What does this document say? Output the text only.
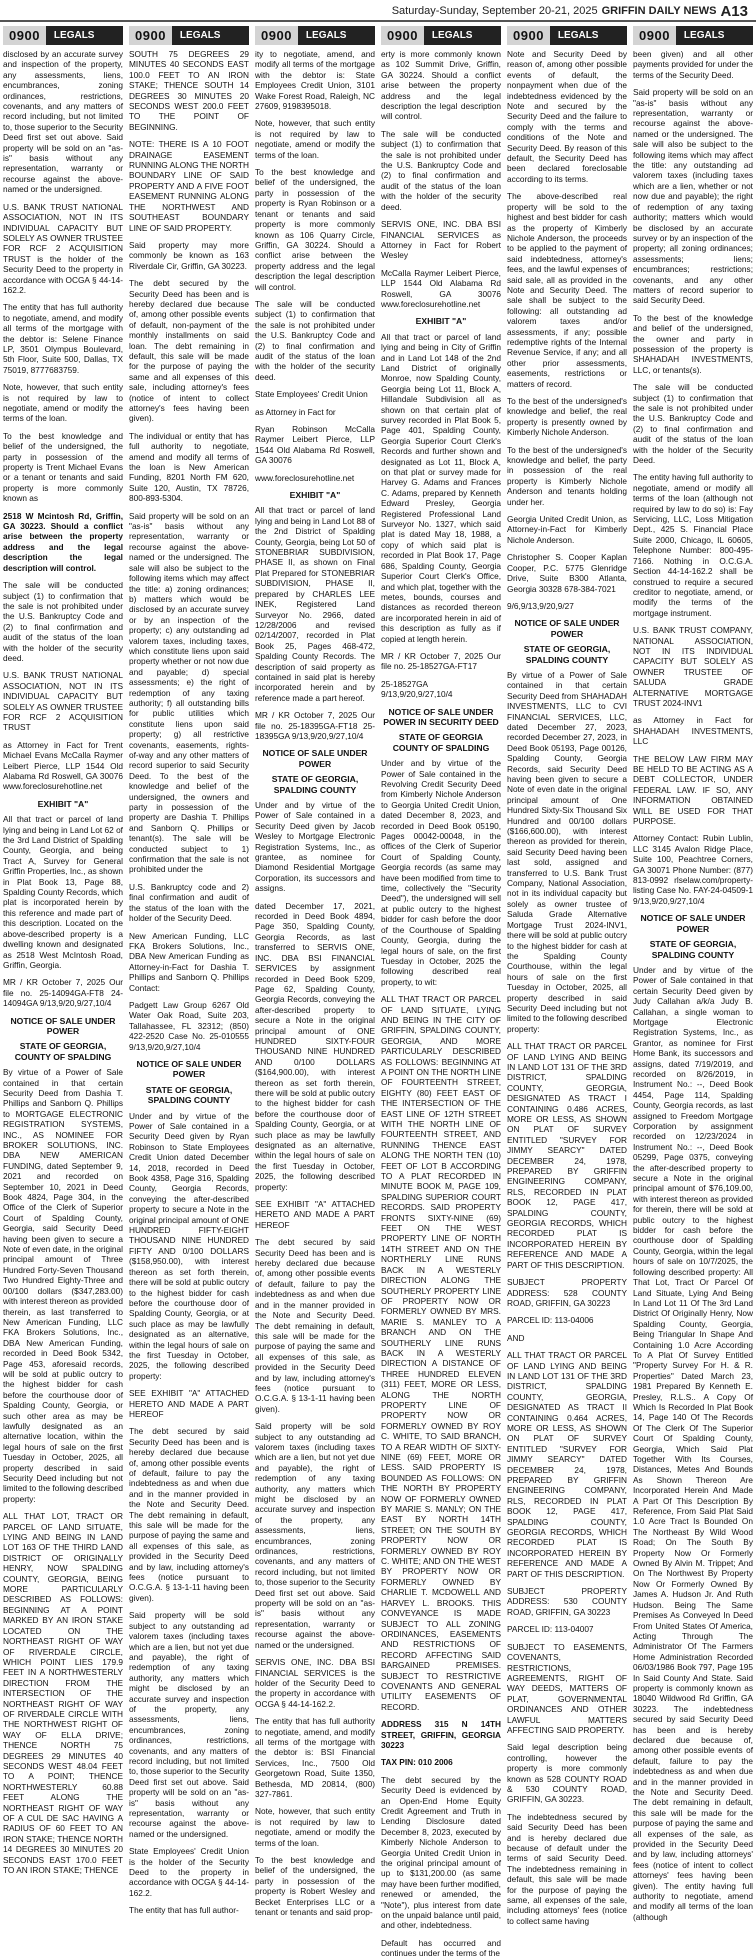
Saturday-Sunday, September 20-21, 2025 GRIFFIN DAILY NEWS A13
0900	LEGALS

disclosed by an accurate survey and inspection of the property, any assessments, liens, encumbrances, zoning ordinances, restrictions, covenants, and any matters of record including, but not limited to, those superior to the Security Deed first set out above. Said property will be sold on an "as-is" basis without any representation, warranty or recourse against the above-named or the undersigned.

U.S. BANK TRUST NATIONAL ASSOCIATION, NOT IN ITS INDIVIDUAL CAPACITY BUT SOLELY AS OWNER TRUSTEE FOR RCF 2 ACQUISITION TRUST is the holder of the Security Deed to the property in accordance with OCGA § 44-14-162.2.

The entity that has full authority to negotiate, amend, and modify all terms of the mortgage with the debtor is: Selene Finance LP, 3501 Olympus Boulevard, 5th Floor, Suite 500, Dallas, TX 75019, 8777683759.

Note, however, that such entity is not required by law to negotiate, amend or modify the terms of the loan.

To the best knowledge and belief of the undersigned, the party in possession of the property is Trent Michael Evans or a tenant or tenants and said property is more commonly known as

2518 W Mcintosh Rd, Griffin, GA 30223. Should a conflict arise between the property address and the legal description the legal description will control.

The sale will be conducted subject (1) to confirmation that the sale is not prohibited under the U.S. Bankruptcy Code and (2) to final confirmation and audit of the status of the loan with the holder of the security deed.

U.S. BANK TRUST NATIONAL ASSOCIATION, NOT IN ITS INDIVIDUAL CAPACITY BUT SOLELY AS OWNER TRUSTEE FOR RCF 2 ACQUISITION TRUST

as Attorney in Fact for Trent Michael Evans McCalla Raymer Leibert Pierce, LLP 1544 Old Alabama Rd Roswell, GA 30076 www.foreclosurehotline.net

EXHIBIT "A"

All that tract or parcel of land lying and being in Land Lot 62 of the 3rd Land District of Spalding County, Georgia, and being Tract A, Survey for General Griffin Properties, Inc., as shown in Plat Book 13, Page 88, Spalding County Records, which plat is incorporated herein by this reference and made part of this description. Located on the above-described property is a dwelling known and designated as 2518 West McIntosh Road, Griffin, Georgia.

MR / KR October 7, 2025 Our file no. 25-14094GA-FT8 24-14094GA 9/13,9/20,9/27,10/4

NOTICE OF SALE UNDER POWER
STATE OF GEORGIA, COUNTY OF SPALDING

By virtue of a Power of Sale contained in that certain Security Deed from Dashia T. Phillips and Sanborn Q. Phillips to MORTGAGE ELECTRONIC REGISTRATION SYSTEMS, INC., AS NOMINEE FOR BROKER SOLUTIONS, INC. DBA NEW AMERICAN FUNDING, dated September 9, 2021 and recorded on September 10, 2021 in Deed Book 4824, Page 304, in the Office of the Clerk of Superior Court of Spalding County, Georgia, said Security Deed having been given to secure a Note of even date, in the original principal amount of Three Hundred Forty-Seven Thousand Two Hundred Eighty-Three and 00/100 dollars ($347,283.00) with interest thereon as provided therein, as last transferred to New American Funding, LLC FKA Brokers Solutions, Inc., DBA New American Funding, recorded in Deed Book 5342, Page 453, aforesaid records, will be sold at public outcry to the highest bidder for cash before the courthouse door of Spalding County, Georgia, or such other area as may be lawfully designated as an alternative location, within the legal hours of sale on the first Tuesday in October, 2025, all property described in said Security Deed including but not limited to the following described property:

ALL THAT LOT, TRACT OR PARCEL OF LAND SITUATE, LYING AND BEING IN LAND LOT 163 OF THE THIRD LAND DISTRICT OF ORIGINALLY HENRY, NOW SPALDING COUNTY, GEORGIA, BEING MORE PARTICULARLY DESCRIBED AS FOLLOWS: BEGINNING AT A POINT MARKED BY AN IRON STAKE LOCATED ON THE NORTHEAST RIGHT OF WAY OF RIVERDALE CIRCLE, WHICH POINT LIES 179.9 FEET IN A NORTHWESTERLY DIRECTION FROM THE INTERSECTION OF THE NORTHEAST RIGHT OF WAY OF RIVERDALE CIRCLE WITH THE NORTHWEST RIGHT OF WAY OF ELLA DRIVE; THENCE NORTH 75 DEGREES 29 MINUTES 40 SECONDS WEST 48.04 FEET TO A POINT; THENCE NORTHWESTERLY 60.88 FEET ALONG THE NORTHEAST RIGHT OF WAY OF A CUL DE SAC HAVING A RADIUS OF 60 FEET TO AN IRON STAKE; THENCE NORTH 14 DEGREES 30 MINUTES 20 SECONDS EAST 170.0 FEET TO AN IRON STAKE; THENCE

0900	LEGALS

SOUTH 75 DEGREES 29 MINUTES 40 SECONDS EAST 100.0 FEET TO AN IRON STAKE; THENCE SOUTH 14 DEGREES 30 MINUTES 20 SECONDS WEST 200.0 FEET TO THE POINT OF BEGINNING.

NOTE: THERE IS A 10 FOOT DRAINAGE EASEMENT RUNNING ALONG THE NORTH BOUNDARY LINE OF SAID PROPERTY AND A FIVE FOOT EASEMENT RUNNING ALONG THE NORTHWEST AND SOUTHEAST BOUNDARY LINE OF SAID PROPERTY.

Said property may more commonly be known as 163 Riverdale Cir, Griffin, GA 30223.

The debt secured by the Security Deed has been and is hereby declared due because of, among other possible events of default, non-payment of the monthly installments on said loan. The debt remaining in default, this sale will be made for the purpose of paying the same and all expenses of this sale, including attorney's fees (notice of intent to collect attorney's fees having been given).

The individual or entity that has full authority to negotiate, amend and modify all terms of the loan is New American Funding, 8201 North FM 620, Suite 120, Austin, TX 78726, 800-893-5304.

Said property will be sold on an "as-is" basis without any representation, warranty or recourse against the above-named or the undersigned. The sale will also be subject to the following items which may affect the title: a) zoning ordinances; b) matters which would be disclosed by an accurate survey or by an inspection of the property; c) any outstanding ad valorem taxes, including taxes, which constitute liens upon said property whether or not now due and payable; d) special assessments; e) the right of redemption of any taxing authority; f) all outstanding bills for public utilities which constitute liens upon said property; g) all restrictive covenants, easements, rights-of-way and any other matters of record superior to said Security Deed. To the best of the knowledge and belief of the undersigned, the owners and party in possession of the property are Dashia T. Phillips and Sanborn Q. Phillips or tenant(s). The sale will be conducted subject to 1) confirmation that the sale is not prohibited under the

U.S. Bankruptcy code and 2) final confirmation and audit of the status of the loan with the holder of the Security Deed.

New American Funding, LLC FKA Brokers Solutions, Inc., DBA New American Funding as Attorney-in-Fact for Dashia T. Phillips and Sanborn Q. Phillips Contact:

Padgett Law Group 6267 Old Water Oak Road, Suite 203, Tallahassee, FL 32312; (850) 422-2520 Case No. 25-010555 9/13,9/20,9/27,10/4

NOTICE OF SALE UNDER POWER
STATE OF GEORGIA, SPALDING COUNTY

Under and by virtue of the Power of Sale contained in a Security Deed given by Ryan Robinson to State Employees Credit Union dated December 14, 2018, recorded in Deed Book 4358, Page 316, Spalding County, Georgia Records, conveying the after-described property to secure a Note in the original principal amount of ONE HUNDRED FIFTY-EIGHT THOUSAND NINE HUNDRED FIFTY AND 0/100 DOLLARS ($158,950.00), with interest thereon as set forth therein, there will be sold at public outcry to the highest bidder for cash before the courthouse door of Spalding County, Georgia, or at such place as may be lawfully designated as an alternative, within the legal hours of sale on the first Tuesday in October, 2025, the following described property:

SEE EXHIBIT "A" ATTACHED HERETO AND MADE A PART HEREOF

The debt secured by said Security Deed has been and is hereby declared due because of, among other possible events of default, failure to pay the indebtedness as and when due and in the manner provided in the Note and Security Deed. The debt remaining in default, this sale will be made for the purpose of paying the same and all expenses of this sale, as provided in the Security Deed and by law, including attorney's fees (notice pursuant to O.C.G.A. § 13-1-11 having been given).

Said property will be sold subject to any outstanding ad valorem taxes (including taxes which are a lien, but not yet due and payable), the right of redemption of any taxing authority, any matters which might be disclosed by an accurate survey and inspection of the property, any assessments, liens, encumbrances, zoning ordinances, restrictions, covenants, and any matters of record including, but not limited to, those superior to the Security Deed first set out above. Said property will be sold on an "as-is" basis without any representation, warranty or recourse against the above-named or the undersigned.

State Employees' Credit Union is the holder of the Security Deed to the property in accordance with OCGA § 44-14-162.2.

The entity that has full author-

0900	LEGALS

ity to negotiate, amend, and modify all terms of the mortgage with the debtor is: State Employees Credit Union, 3101 Wake Forest Road, Raleigh, NC 27609, 9198395018.

Note, however, that such entity is not required by law to negotiate, amend or modify the terms of the loan.

To the best knowledge and belief of the undersigned, the party in possession of the property is Ryan Robinson or a tenant or tenants and said property is more commonly known as 106 Quarry Circle, Griffin, GA 30224. Should a conflict arise between the property address and the legal description the legal description will control.

The sale will be conducted subject (1) to confirmation that the sale is not prohibited under the U.S. Bankruptcy Code and (2) to final confirmation and audit of the status of the loan with the holder of the security deed.

State Employees' Credit Union

as Attorney in Fact for

Ryan Robinson McCalla Raymer Leibert Pierce, LLP 1544 Old Alabama Rd Roswell, GA 30076

www.foreclosurehotline.net

EXHIBIT "A"

All that tract or parcel of land lying and being in Land Lot 88 of the 2nd District of Spalding County, Georgia, being Lot 50 of STONEBRIAR SUBDIVISION, PHASE II, as shown on Final Plat Prepared for STONEBRIAR SUBDIVISION, PHASE II, prepared by CHARLES LEE INEK, Registered Land Surveyor No. 2966, dated 12/28/2006 and revised 02/14/2007, recorded in Plat Book 25, Pages 468-472, Spalding County Records. The description of said property as contained in said plat is hereby incorporated herein and by reference made a part hereof.

MR / KR October 7, 2025 Our file no. 25-18395GA-FT18 25-18395GA 9/13,9/20,9/27,10/4

NOTICE OF SALE UNDER POWER
STATE OF GEORGIA, SPALDING COUNTY

Under and by virtue of the Power of Sale contained in a Security Deed given by Jacob Wesley to Mortgage Electronic Registration Systems, Inc., as grantee, as nominee for Diamond Residential Mortgage Corporation, its successors and assigns.

dated December 17, 2021, recorded in Deed Book 4894, Page 350, Spalding County, Georgia Records, as last transferred to SERVIS ONE, INC. DBA BSI FINANCIAL SERVICES by assignment recorded in Deed Book 5209, Page 62, Spalding County, Georgia Records, conveying the after-described property to secure a Note in the original principal amount of ONE HUNDRED SIXTY-FOUR THOUSAND NINE HUNDRED AND 0/100 DOLLARS ($164,900.00), with interest thereon as set forth therein, there will be sold at public outcry to the highest bidder for cash before the courthouse door of Spalding County, Georgia, or at such place as may be lawfully designated as an alternative, within the legal hours of sale on the first Tuesday in October, 2025, the following described property:

SEE EXHIBIT "A" ATTACHED HERETO AND MADE A PART HEREOF

The debt secured by said Security Deed has been and is hereby declared due because of, among other possible events of default, failure to pay the indebtedness as and when due and in the manner provided in the Note and Security Deed. The debt remaining in default, this sale will be made for the purpose of paying the same and all expenses of this sale, as provided in the Security Deed and by law, including attorney's fees (notice pursuant to O.C.G.A. § 13-1-11 having been given).

Said property will be sold subject to any outstanding ad valorem taxes (including taxes which are a lien, but not yet due and payable), the right of redemption of any taxing authority, any matters which might be disclosed by an accurate survey and inspection of the property, any assessments, liens, encumbrances, zoning ordinances, restrictions, covenants, and any matters of record including, but not limited to, those superior to the Security Deed first set out above. Said property will be sold on an "as-is" basis without any representation, warranty or recourse against the above-named or the undersigned.

SERVIS ONE, INC. DBA BSI FINANCIAL SERVICES is the holder of the Security Deed to the property in accordance with OCGA § 44-14-162.2.

The entity that has full authority to negotiate, amend, and modify all terms of the mortgage with the debtor is: BSI Financial Services, Inc., 7500 Old Georgetown Road, Suite 1350, Bethesda, MD 20814, (800) 327-7861.

Note, however, that such entity is not required by law to negotiate, amend or modify the terms of the loan.

To the best knowledge and belief of the undersigned, the party in possession of the property is Robert Wesley and Becket Enterprises LLC or a tenant or tenants and said prop-

0900	LEGALS

erty is more commonly known as 102 Summit Drive, Griffin, GA 30224. Should a conflict arise between the property address and the legal description the legal description will control.

The sale will be conducted subject (1) to confirmation that the sale is not prohibited under the U.S. Bankruptcy Code and (2) to final confirmation and audit of the status of the loan with the holder of the security deed.

SERVIS ONE, INC. DBA BSI FINANCIAL SERVICES as Attorney in Fact for Robert Wesley

McCalla Raymer Leibert Pierce, LLP 1544 Old Alabama Rd Roswell, GA 30076 www.foreclosurehotline.net

EXHIBIT "A"

All that tract or parcel of land lying and being in City of Griffin and in Land Lot 148 of the 2nd Land District of originally Monroe, now Spalding County, Georgia being Lot 11, Block A, Hillandale Subdivision all as shown on that certain plat of survey recorded in Plat Book 5, Page 401, Spalding County, Georgia Superior Court Clerk's Records and further shown and designated as Lot 11, Block A, on that plat or survey made for Harvey G. Adams and Frances C. Adams, prepared by Kenneth Edward Presley, Georgia Registered Professional Land Surveyor No. 1327, which said plat is dated May 18, 1988, a copy of which said plat is recorded in Plat Book 17, Page 686, Spalding County, Georgia Superior Court Clerk's Office, and which plat, together with the metes, bounds, courses and distances as recorded thereon are incorporated herein in aid of this description as fully as if copied at length herein.

MR / KR October 7, 2025 Our file no. 25-18527GA-FT17

25-18527GA 9/13,9/20,9/27,10/4

NOTICE OF SALE UNDER POWER IN SECURITY DEED
STATE OF GEORGIA COUNTY OF SPALDING

Under and by virtue of the Power of Sale contained in the Revolving Credit Security Deed from Kimberly Nichole Anderson to Georgia United Credit Union, dated December 8, 2023, and recorded in Deed Book 05190, Pages 00042-00048, in the offices of the Clerk of Superior Court of Spalding County, Georgia records (as same may have been modified from time to time, collectively the "Security Deed"), the undersigned will sell at public outcry to the highest bidder for cash before the door of the Courthouse of Spalding County, Georgia, during the legal hours of sale, on the first Tuesday in October, 2025 the following described real property, to wit:

ALL THAT TRACT OR PARCEL OF LAND SITUATE, LYING AND BEING IN THE CITY OF GRIFFIN, SPALDING COUNTY, GEORGIA, AND MORE PARTICULARLY DESCRIBED AS FOLLOWS: BEGINNING AT A POINT ON THE NORTH LINE OF FOURTEENTH STREET, EIGHTY (80) FEET EAST OF THE INTERSECTION OF THE EAST LINE OF 12TH STREET WITH THE NORTH LINE OF FOURTEENTH STREET, AND RUNNING THENCE EAST ALONG THE NORTH TEN (10) FEET OF LOT B ACCORDING TO A PLAT RECORDED IN MINUTE BOOK M, PAGE 109, SPALDING SUPERIOR COURT RECORDS. SAID PROPERTY FRONTS SIXTY-NINE (69) FEET ON THE WEST PROPERTY LINE OF NORTH 14TH STREET AND ON THE NORTHERLY LINE RUNS BACK IN A WESTERLY DIRECTION ALONG THE SOUTHERLY PROPERTY LINE OF PROPERTY NOW OR FORMERLY OWNED BY MRS. MARIE S. MANLEY TO A BRANCH AND ON THE SOUTHERLY LINE RUNS BACK IN A WESTERLY DIRECTION A DISTANCE OF THREE HUNDRED ELEVEN (311) FEET, MORE OR LESS, ALONG THE NORTH PROPERTY LINE OF PROPERTY NOW OR FORMERLY OWNED BY ROY C. WHITE, TO SAID BRANCH, TO A REAR WIDTH OF SIXTY-NINE (69) FEET, MORE OR LESS. SAID PROPERTY IS BOUNDED AS FOLLOWS: ON THE NORTH BY PROPERTY NOW OF FORMERLY OWNED BY MARIE S. MANLY; ON THE EAST BY NORTH 14TH STREET; ON THE SOUTH BY PROPERTY NOW OR FORMERLY OWNED BY ROY C. WHITE; AND ON THE WEST BY PROPERTY NOW OR FORMERLY OWNED BY CHARLIE T. MCDOWELL AND HARVEY L. BROOKS. THIS CONVEYANCE IS MADE SUBJECT TO ALL ZONING ORDINANCES, EASEMENTS AND RESTRICTIONS OF RECORD AFFECTING SAID BARGAINED PREMISES. SUBJECT TO RESTRICTIVE COVENANTS AND GENERAL UTILITY EASEMENTS OF RECORD.

ADDRESS 315 N 14TH STREET, GRIFFIN, GEORGIA 30223

TAX PIN: 010 2006

The debt secured by the Security Deed is evidenced by an Open-End Home Equity Credit Agreement and Truth in Lending Disclosure dated December 8, 2023, executed by Kimberly Nichole Anderson to Georgia United Credit Union in the original principal amount of up to $131,200.00 (as same may have been further modified, renewed or amended, the "Note"), plus interest from date on the unpaid balance until paid, and other, indebtedness.

Default has occurred and continues under the terms of the

0900	LEGALS

Note and Security Deed by reason of, among other possible events of default, the nonpayment when due of the indebtedness evidenced by the Note and secured by the Security Deed and the failure to comply with the terms and conditions of the Note and Security Deed. By reason of this default, the Security Deed has been declared foreclosable according to its terms.

The above-described real property will be sold to the highest and best bidder for cash as the property of Kimberly Nichole Anderson, the proceeds to be applied to the payment of said indebtedness, attorney's fees, and the lawful expenses of said sale, all as provided in the Note and Security Deed. The sale shall be subject to the following: all outstanding ad valorem taxes and/or assessments, if any; possible redemptive rights of the Internal Revenue Service, if any; and all other prior assessments, easements, restrictions or matters of record.

To the best of the undersigned's knowledge and belief, the real property is presently owned by Kimberly Nichole Anderson.

To the best of the undersigned's knowledge and belief, the party in possession of the real property is Kimberly Nichole Anderson and tenants holding under her.

Georgia United Credit Union, as Attorney-in-Fact for Kimberly Nichole Anderson.

Christopher S. Cooper Kaplan Cooper, P.C. 5775 Glenridge Drive, Suite B300 Atlanta, Georgia 30328 678-384-7021

9/6,9/13,9/20,9/27

NOTICE OF SALE UNDER POWER
STATE OF GEORGIA, SPALDING COUNTY

By virtue of a Power of Sale contained in that certain Security Deed from SHAHADAH INVESTMENTS, LLC to CVI FINANCIAL SERVICES, LLC, dated December 27, 2023, recorded December 27, 2023, in Deed Book 05193, Page 00126, Spalding County, Georgia Records, said Security Deed having been given to secure a Note of even date in the original principal amount of One Hundred Sixty-Six Thousand Six Hundred and 00/100 dollars ($166,600.00), with interest thereon as provided for therein, said Security Deed having been last sold, assigned and transferred to U.S. Bank Trust Company, National Association, not in its individual capacity but solely as owner trustee of Saluda Grade Alternative Mortgage Trust 2024-INV1, there will be sold at public outcry to the highest bidder for cash at the Spalding County Courthouse, within the legal hours of sale on the first Tuesday in October, 2025, all property described in said Security Deed including but not limited to the following described property:

ALL THAT TRACT OR PARCEL OF LAND LYING AND BEING IN LAND LOT 131 OF THE 3RD DISTRICT, SPALDING COUNTY, GEORGIA, DESIGNATED AS TRACT I CONTAINING 0.486 ACRES, MORE OR LESS, AS SHOWN ON PLAT OF SURVEY ENTITLED "SURVEY FOR JIMMY SEARCY" DATED DECEMBER 24, 1978, PREPARED BY GRIFFIN ENGINEERING COMPANY, RLS, RECORDED IN PLAT BOOK 12, PAGE 417, SPALDING COUNTY, GEORGIA RECORDS, WHICH RECORDED PLAT IS INCORPORATED HEREIN BY REFERENCE AND MADE A PART OF THIS DESCRIPTION.

SUBJECT PROPERTY ADDRESS: 528 COUNTY ROAD, GRIFFIN, GA 30223

PARCEL ID: 113-04006

AND

ALL THAT TRACT OR PARCEL OF LAND LYING AND BEING IN LAND LOT 131 OF THE 3RD DISTRICT, SPALDING COUNTY, GEORGIA, DESIGNATED AS TRACT II CONTAINING 0.464 ACRES, MORE OR LESS, AS SHOWN ON PLAT OF SURVEY ENTITLED "SURVEY FOR JIMMY SEARCY" DATED DECEMBER 24, 1978, PREPARED BY GRIFFIN ENGINEERING COMPANY, RLS, RECORDED IN PLAT BOOK 12, PAGE 417, SPALDING COUNTY, GEORGIA RECORDS, WHICH RECORDED PLAT IS INCORPORATED HEREIN BY REFERENCE AND MADE A PART OF THIS DESCRIPTION.

SUBJECT PROPERTY ADDRESS: 530 COUNTY ROAD, GRIFFIN, GA 30223

PARCEL ID: 113-04007

SUBJECT TO EASEMENTS, COVENANTS, RESTRICTIONS, AGREEMENTS, RIGHT OF WAY DEEDS, MATTERS OF PLAT, GOVERNMENTAL ORDINANCES AND OTHER LAWFUL MATTERS AFFECTING SAID PROPERTY.

Said legal description being controlling, however the property is more commonly known as 528 COUNTY ROAD & 530 COUNTY ROAD, GRIFFIN, GA 30223.

The indebtedness secured by said Security Deed has been and is hereby declared due because of default under the terms of said Security Deed. The indebtedness remaining in default, this sale will be made for the purpose of paying the same, all expenses of the sale, including attorneys' fees (notice to collect same having

0900	LEGALS

been given) and all other payments provided for under the terms of the Security Deed.

Said property will be sold on an "as-is" basis without any representation, warranty or recourse against the above-named or the undersigned. The sale will also be subject to the following items which may affect the title: any outstanding ad valorem taxes (including taxes which are a lien, whether or not now due and payable); the right of redemption of any taxing authority; matters which would be disclosed by an accurate survey or by an inspection of the property; all zoning ordinances; assessments; liens; encumbrances; restrictions; covenants, and any other matters of record superior to said Security Deed.

To the best of the knowledge and belief of the undersigned, the owner and party in possession of the property is SHAHADAH INVESTMENTS, LLC, or tenants(s).

The sale will be conducted subject (1) to confirmation that the sale is not prohibited under the U.S. Bankruptcy Code and (2) to final confirmation and audit of the status of the loan with the holder of the Security Deed.

The entity having full authority to negotiate, amend or modify all terms of the loan (although not required by law to do so) is: Fay Servicing, LLC, Loss Mitigation Dept., 425 S. Financial Place Suite 2000, Chicago, IL 60605, Telephone Number: 800-495-7166. Nothing in O.C.G.A. Section 44-14-162.2 shall be construed to require a secured creditor to negotiate, amend, or modify the terms of the mortgage instrument.

U.S. BANK TRUST COMPANY, NATIONAL ASSOCIATION, NOT IN ITS INDIVIDUAL CAPACITY BUT SOLELY AS OWNER TRUSTEE OF SALUDA GRADE ALTERNATIVE MORTGAGE TRUST 2024-INV1

as Attorney in Fact for SHAHADAH INVESTMENTS, LLC

THE BELOW LAW FIRM MAY BE HELD TO BE ACTING AS A DEBT COLLECTOR, UNDER FEDERAL LAW. IF SO, ANY INFORMATION OBTAINED WILL BE USED FOR THAT PURPOSE.

Attorney Contact: Rubin Lublin, LLC 3145 Avalon Ridge Place, Suite 100, Peachtree Corners, GA 30071 Phone Number: (877) 813-0992 rlselaw.com/property-listing Case No. FAY-24-04509-1 9/13,9/20,9/27,10/4

NOTICE OF SALE UNDER POWER
STATE OF GEORGIA, SPALDING COUNTY

Under and by virtue of the Power of Sale contained in that certain Security Deed given by Judy Callahan a/k/a Judy B. Callahan, a single woman to Mortgage Electronic Registration Systems, Inc., as Grantor, as nominee for First Home Bank, its successors and assigns, dated 7/19/2019, and recorded on 8/26/2019, in Instrument No.: --, Deed Book 4454, Page 114, Spalding County, Georgia records, as last assigned to Freedom Mortgage Corporation by assignment recorded on 12/23/2024 in Instrument No.: --, Deed Book 05299, Page 0375, conveying the after-described property to secure a Note in the original principal amount of $76,109.00, with interest thereon as provided for therein, there will be sold at public outcry to the highest bidder for cash before the courthouse door of Spalding County, Georgia, within the legal hours of sale on 10/7/2025, the following described property: All That Lot, Tract Or Parcel Of Land Situate, Lying And Being In Land Lot 11 Of The 3rd Land District Of Originally Henry, Now Spalding County, Georgia, Being Triangular In Shape And Containing 1.0 Acre According To A Plat Of Survey Entitled "Property Survey For H. & R. Properties" Dated March 23, 1981 Prepared By Kenneth E. Presley, R.L.S.. A Copy Of Which Is Recorded In Plat Book 14, Page 140 Of The Records Of The Clerk Of The Superior Court Of Spalding County, Georgia, Which Said Plat Together With Its Courses, Distances, Metes And Bounds As Shown Thereon Are Incorporated Herein And Made A Part Of This Description By Reference, From Said Plat Said 1.0 Acre Tract Is Bounded On The Northeast By Wild Wood Road; On The South By Property Now Or Formerly Owned By Alvin M. Trippet; And On The Northwest By Property Now Or Formerly Owned By James A. Hudson Jr. And Ruth Hudson. Being The Same Premises As Conveyed In Deed From United States Of America, Acting Through The Administrator Of The Farmers Home Administration Recorded 06/03/1986 Book 797, Page 195 In Said County And State. Said property is commonly known as 18040 Wildwood Rd Griffin, GA 30223. The indebtedness secured by said Security Deed has been and is hereby declared due because of, among other possible events of default, failure to pay the indebtedness as and when due and in the manner provided in the Note and Security Deed. The debt remaining in default, this sale will be made for the purpose of paying the same and all expenses of the sale, as provided in the Security Deed and by law, including attorneys' fees (notice of intent to collect attorneys' fees having been given). The entity having full authority to negotiate, amend and modify all terms of the loan (although
